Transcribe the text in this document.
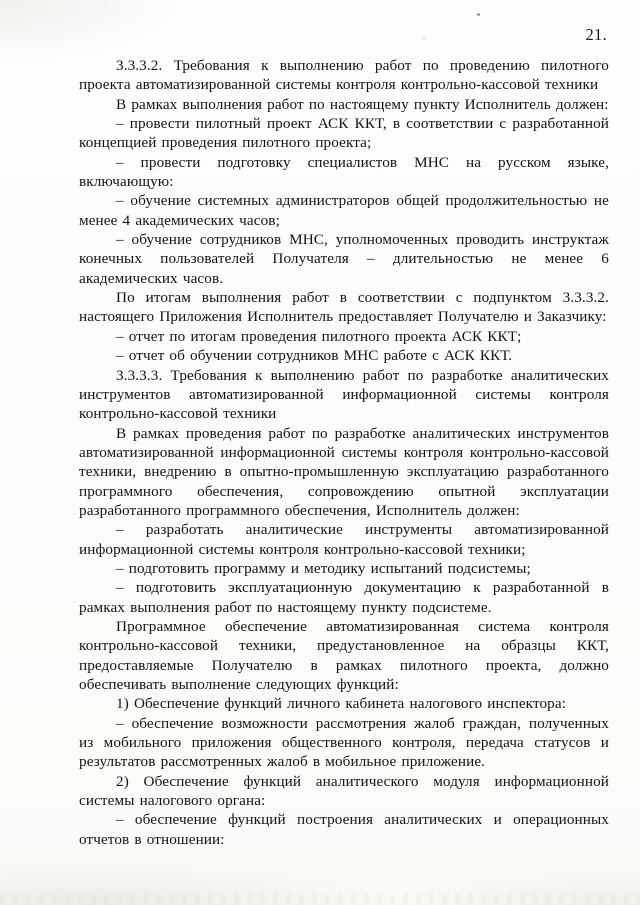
21.

3.3.3.2. Требования к выполнению работ по проведению пилотного проекта автоматизированной системы контроля контрольно-кассовой техники

В рамках выполнения работ по настоящему пункту Исполнитель должен:

– провести пилотный проект АСК ККТ, в соответствии с разработанной концепцией проведения пилотного проекта;

– провести подготовку специалистов МНС на русском языке, включающую:

– обучение системных администраторов общей продолжительностью не менее 4 академических часов;

– обучение сотрудников МНС, уполномоченных проводить инструктаж конечных пользователей Получателя – длительностью не менее 6 академических часов.

По итогам выполнения работ в соответствии с подпунктом 3.3.3.2. настоящего Приложения Исполнитель предоставляет Получателю и Заказчику:

– отчет по итогам проведения пилотного проекта АСК ККТ;

– отчет об обучении сотрудников МНС работе с АСК ККТ.

3.3.3.3. Требования к выполнению работ по разработке аналитических инструментов автоматизированной информационной системы контроля контрольно-кассовой техники

В рамках проведения работ по разработке аналитических инструментов автоматизированной информационной системы контроля контрольно-кассовой техники, внедрению в опытно-промышленную эксплуатацию разработанного программного обеспечения, сопровождению опытной эксплуатации разработанного программного обеспечения, Исполнитель должен:

– разработать аналитические инструменты автоматизированной информационной системы контроля контрольно-кассовой техники;

– подготовить программу и методику испытаний подсистемы;

– подготовить эксплуатационную документацию к разработанной в рамках выполнения работ по настоящему пункту подсистеме.

Программное обеспечение автоматизированная система контроля контрольно-кассовой техники, предустановленное на образцы ККТ, предоставляемые Получателю в рамках пилотного проекта, должно обеспечивать выполнение следующих функций:

1) Обеспечение функций личного кабинета налогового инспектора:

– обеспечение возможности рассмотрения жалоб граждан, полученных из мобильного приложения общественного контроля, передача статусов и результатов рассмотренных жалоб в мобильное приложение.

2) Обеспечение функций аналитического модуля информационной системы налогового органа:

– обеспечение функций построения аналитических и операционных отчетов в отношении:
